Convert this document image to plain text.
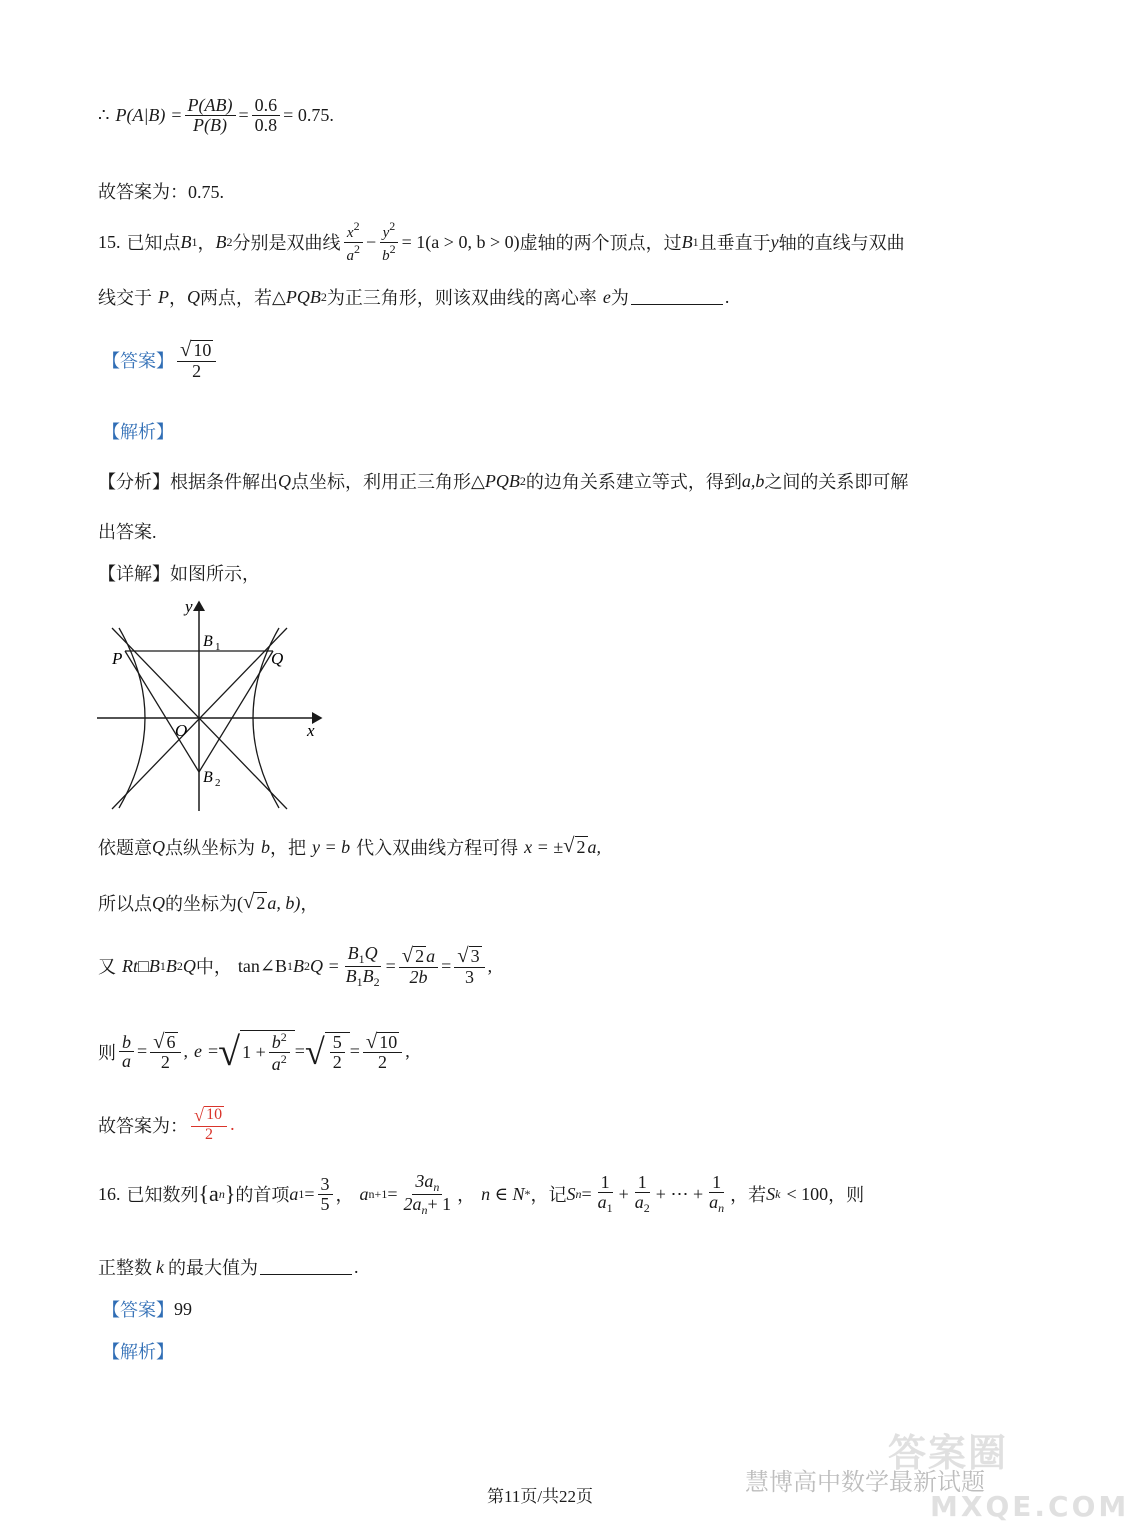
∴ $P(A|B) = \frac{P(AB)}{P(B)} = \frac{0.6}{0.8} = 0.75$ .
故答案为：0.75.
15. 已知点 B 1 ， B 2 分别是双曲线 $\frac{x^2}{a^2} - \frac{y^2}{b^2} = 1(a > 0$, b > 0) 虚轴的两个顶点，过 B 1 且垂直于 y 轴的直线与双曲
线交于 P ， Q 两点，若 △PQB 2 为正三角形，则该双曲线的离心率 e 为	.
【答案】 $\frac{√ 10}{2}$
【解析】
【分析】 根据条件解出 Q 点坐标，利用正三角形 △PQB 2 的边角关系建立等式，得到 a,b 之间的关系即可解
出答案.
【详解】 如图所示，
y
x
B 1
B 2
P	Q
O
依题意 Q 点纵坐标为 b ，把 y = b 代入双曲线方程可得 x = ± √ 2 a,
所以点 Q 的坐标为 ( √ 2 a, b) ，
又 Rt □ B 1 B 2 Q 中， tan∠B 1 B 2 $Q = \frac{B_1Q}{B_1B_2} = \frac{√ 2 a}{2b} = \frac{√ 3}{3}$ ,
则 $\frac{b}{a} = \frac{√ 6}{2}$ , e = √ $1 + \frac{b^2}{a^2}$ = √ $\frac{5}{2} = \frac{√ 10}{2}$ ,
故答案为： $\frac{√ 10}{2}$ .
16. 已知数列 {a n } 的首项 a $1 = \frac{3}{5}$ ， a $n+1 = \frac{3a_n}{2a_n+ 1}$ ， n ∈ N * ，记 S $n = \frac{1}{a_1} + \frac{1}{a_2}$ + ⋯ + $\frac{1}{a_n}$ ，若 S k < 100 ，则
正整数 k 的最大值为	.
【答案】 99
【解析】
答案圈
慧博高中数学最新试题
MXQE.COM
第11页/共22页
